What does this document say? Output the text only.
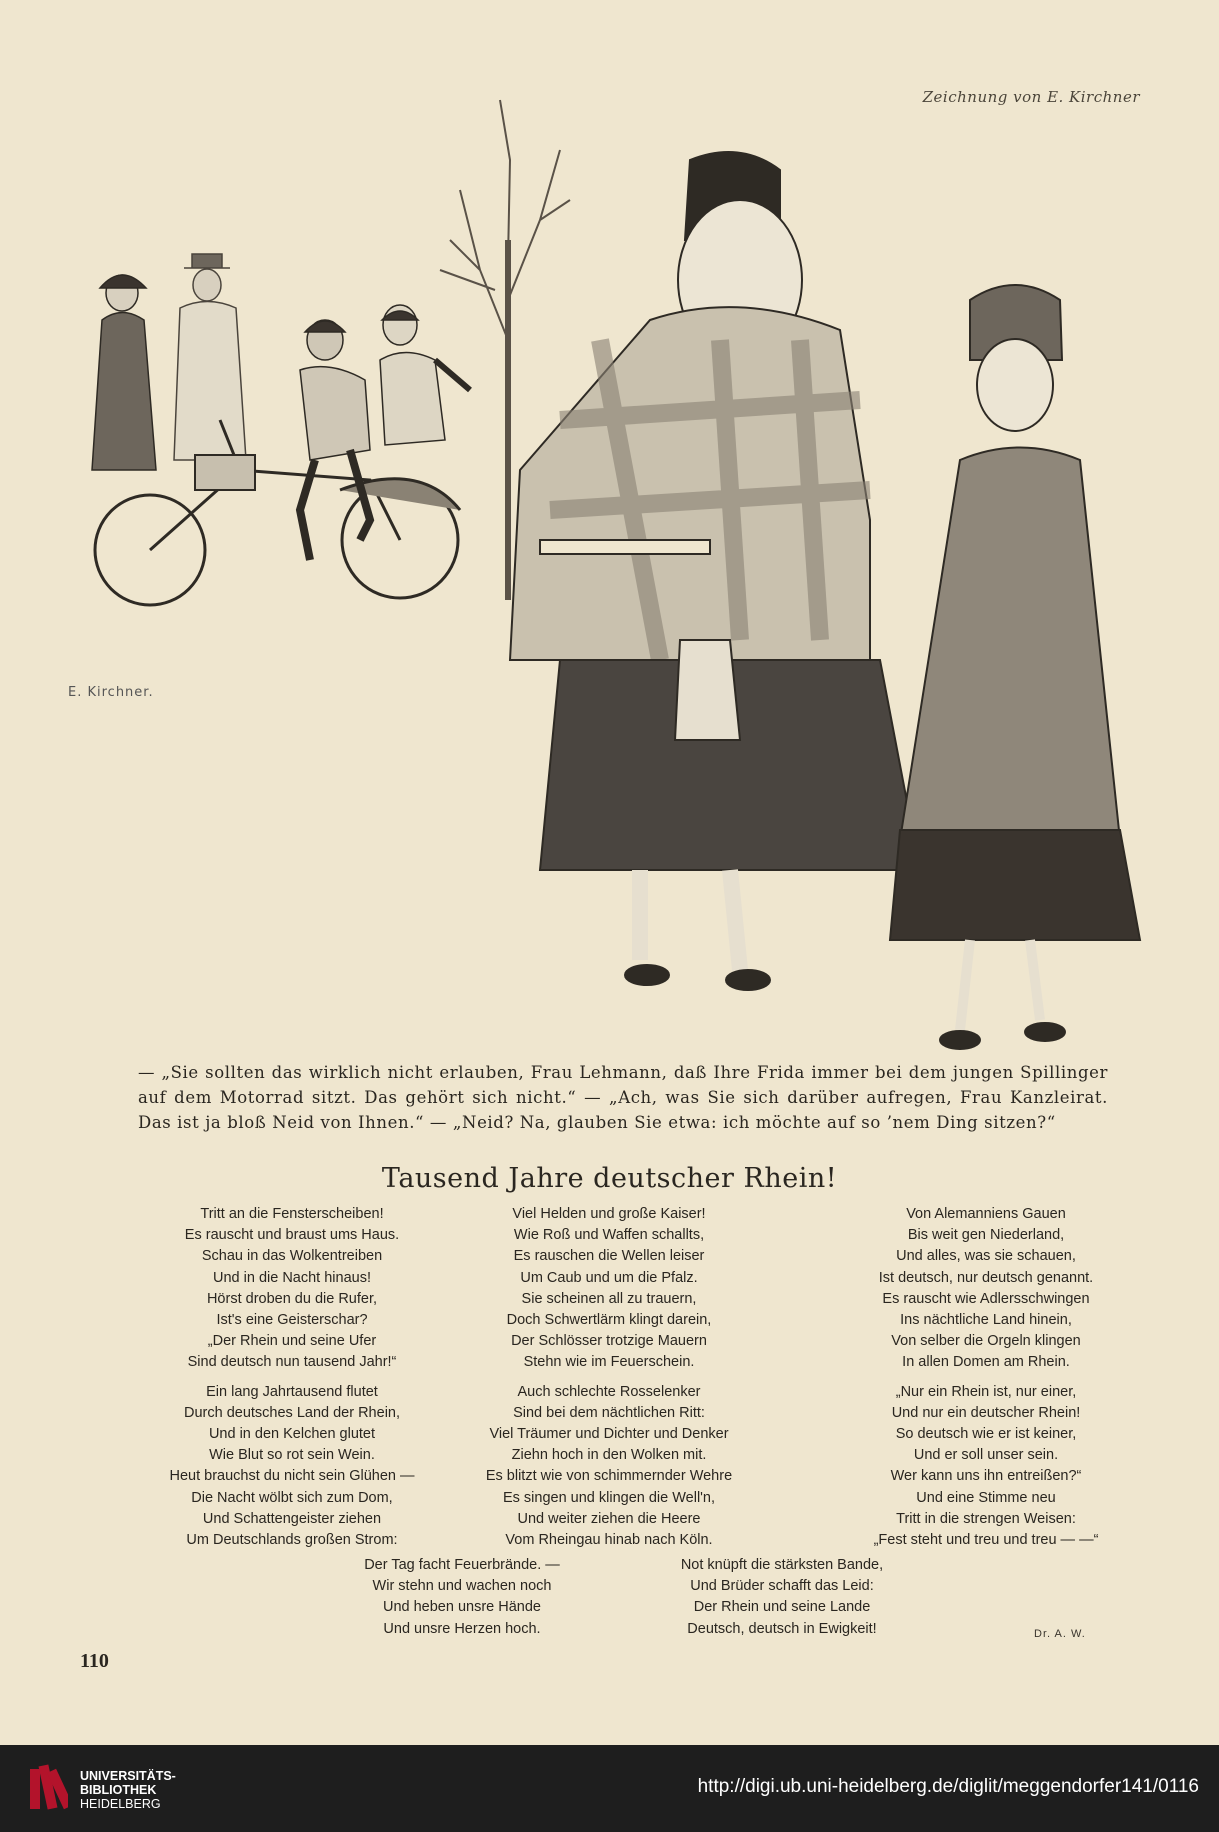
Zeichnung von E. Kirchner
E. Kirchner.
— „Sie sollten das wirklich nicht erlauben, Frau Lehmann, daß Ihre Frida immer bei dem jungen Spillinger auf dem Motorrad sitzt. Das gehört sich nicht.“ — „Ach, was Sie sich darüber aufregen, Frau Kanzleirat. Das ist ja bloß Neid von Ihnen.“ — „Neid? Na, glauben Sie etwa: ich möchte auf so ’nem Ding sitzen?“
Tausend Jahre deutscher Rhein!
Tritt an die Fensterscheiben!
Es rauscht und braust ums Haus.
Schau in das Wolkentreiben
Und in die Nacht hinaus!
Hörst droben du die Rufer,
Ist's eine Geisterschar?
„Der Rhein und seine Ufer
Sind deutsch nun tausend Jahr!“
Ein lang Jahrtausend flutet
Durch deutsches Land der Rhein,
Und in den Kelchen glutet
Wie Blut so rot sein Wein.
Heut brauchst du nicht sein Glühen —
Die Nacht wölbt sich zum Dom,
Und Schattengeister ziehen
Um Deutschlands großen Strom:
Viel Helden und große Kaiser!
Wie Roß und Waffen schallts,
Es rauschen die Wellen leiser
Um Caub und um die Pfalz.
Sie scheinen all zu trauern,
Doch Schwertlärm klingt darein,
Der Schlösser trotzige Mauern
Stehn wie im Feuerschein.
Auch schlechte Rosselenker
Sind bei dem nächtlichen Ritt:
Viel Träumer und Dichter und Denker
Ziehn hoch in den Wolken mit.
Es blitzt wie von schimmernder Wehre
Es singen und klingen die Well'n,
Und weiter ziehen die Heere
Vom Rheingau hinab nach Köln.
Von Alemanniens Gauen
Bis weit gen Niederland,
Und alles, was sie schauen,
Ist deutsch, nur deutsch genannt.
Es rauscht wie Adlersschwingen
Ins nächtliche Land hinein,
Von selber die Orgeln klingen
In allen Domen am Rhein.
„Nur ein Rhein ist, nur einer,
Und nur ein deutscher Rhein!
So deutsch wie er ist keiner,
Und er soll unser sein.
Wer kann uns ihn entreißen?“
Und eine Stimme neu
Tritt in die strengen Weisen:
„Fest steht und treu und treu — —“
Der Tag facht Feuerbrände. —
Wir stehn und wachen noch
Und heben unsre Hände
Und unsre Herzen hoch.
Not knüpft die stärksten Bande,
Und Brüder schafft das Leid:
Der Rhein und seine Lande
Deutsch, deutsch in Ewigkeit!	Dr. A. W.
110
UNIVERSITÄTS-
BIBLIOTHEK
HEIDELBERG
http://digi.ub.uni-heidelberg.de/diglit/meggendorfer141/0116
